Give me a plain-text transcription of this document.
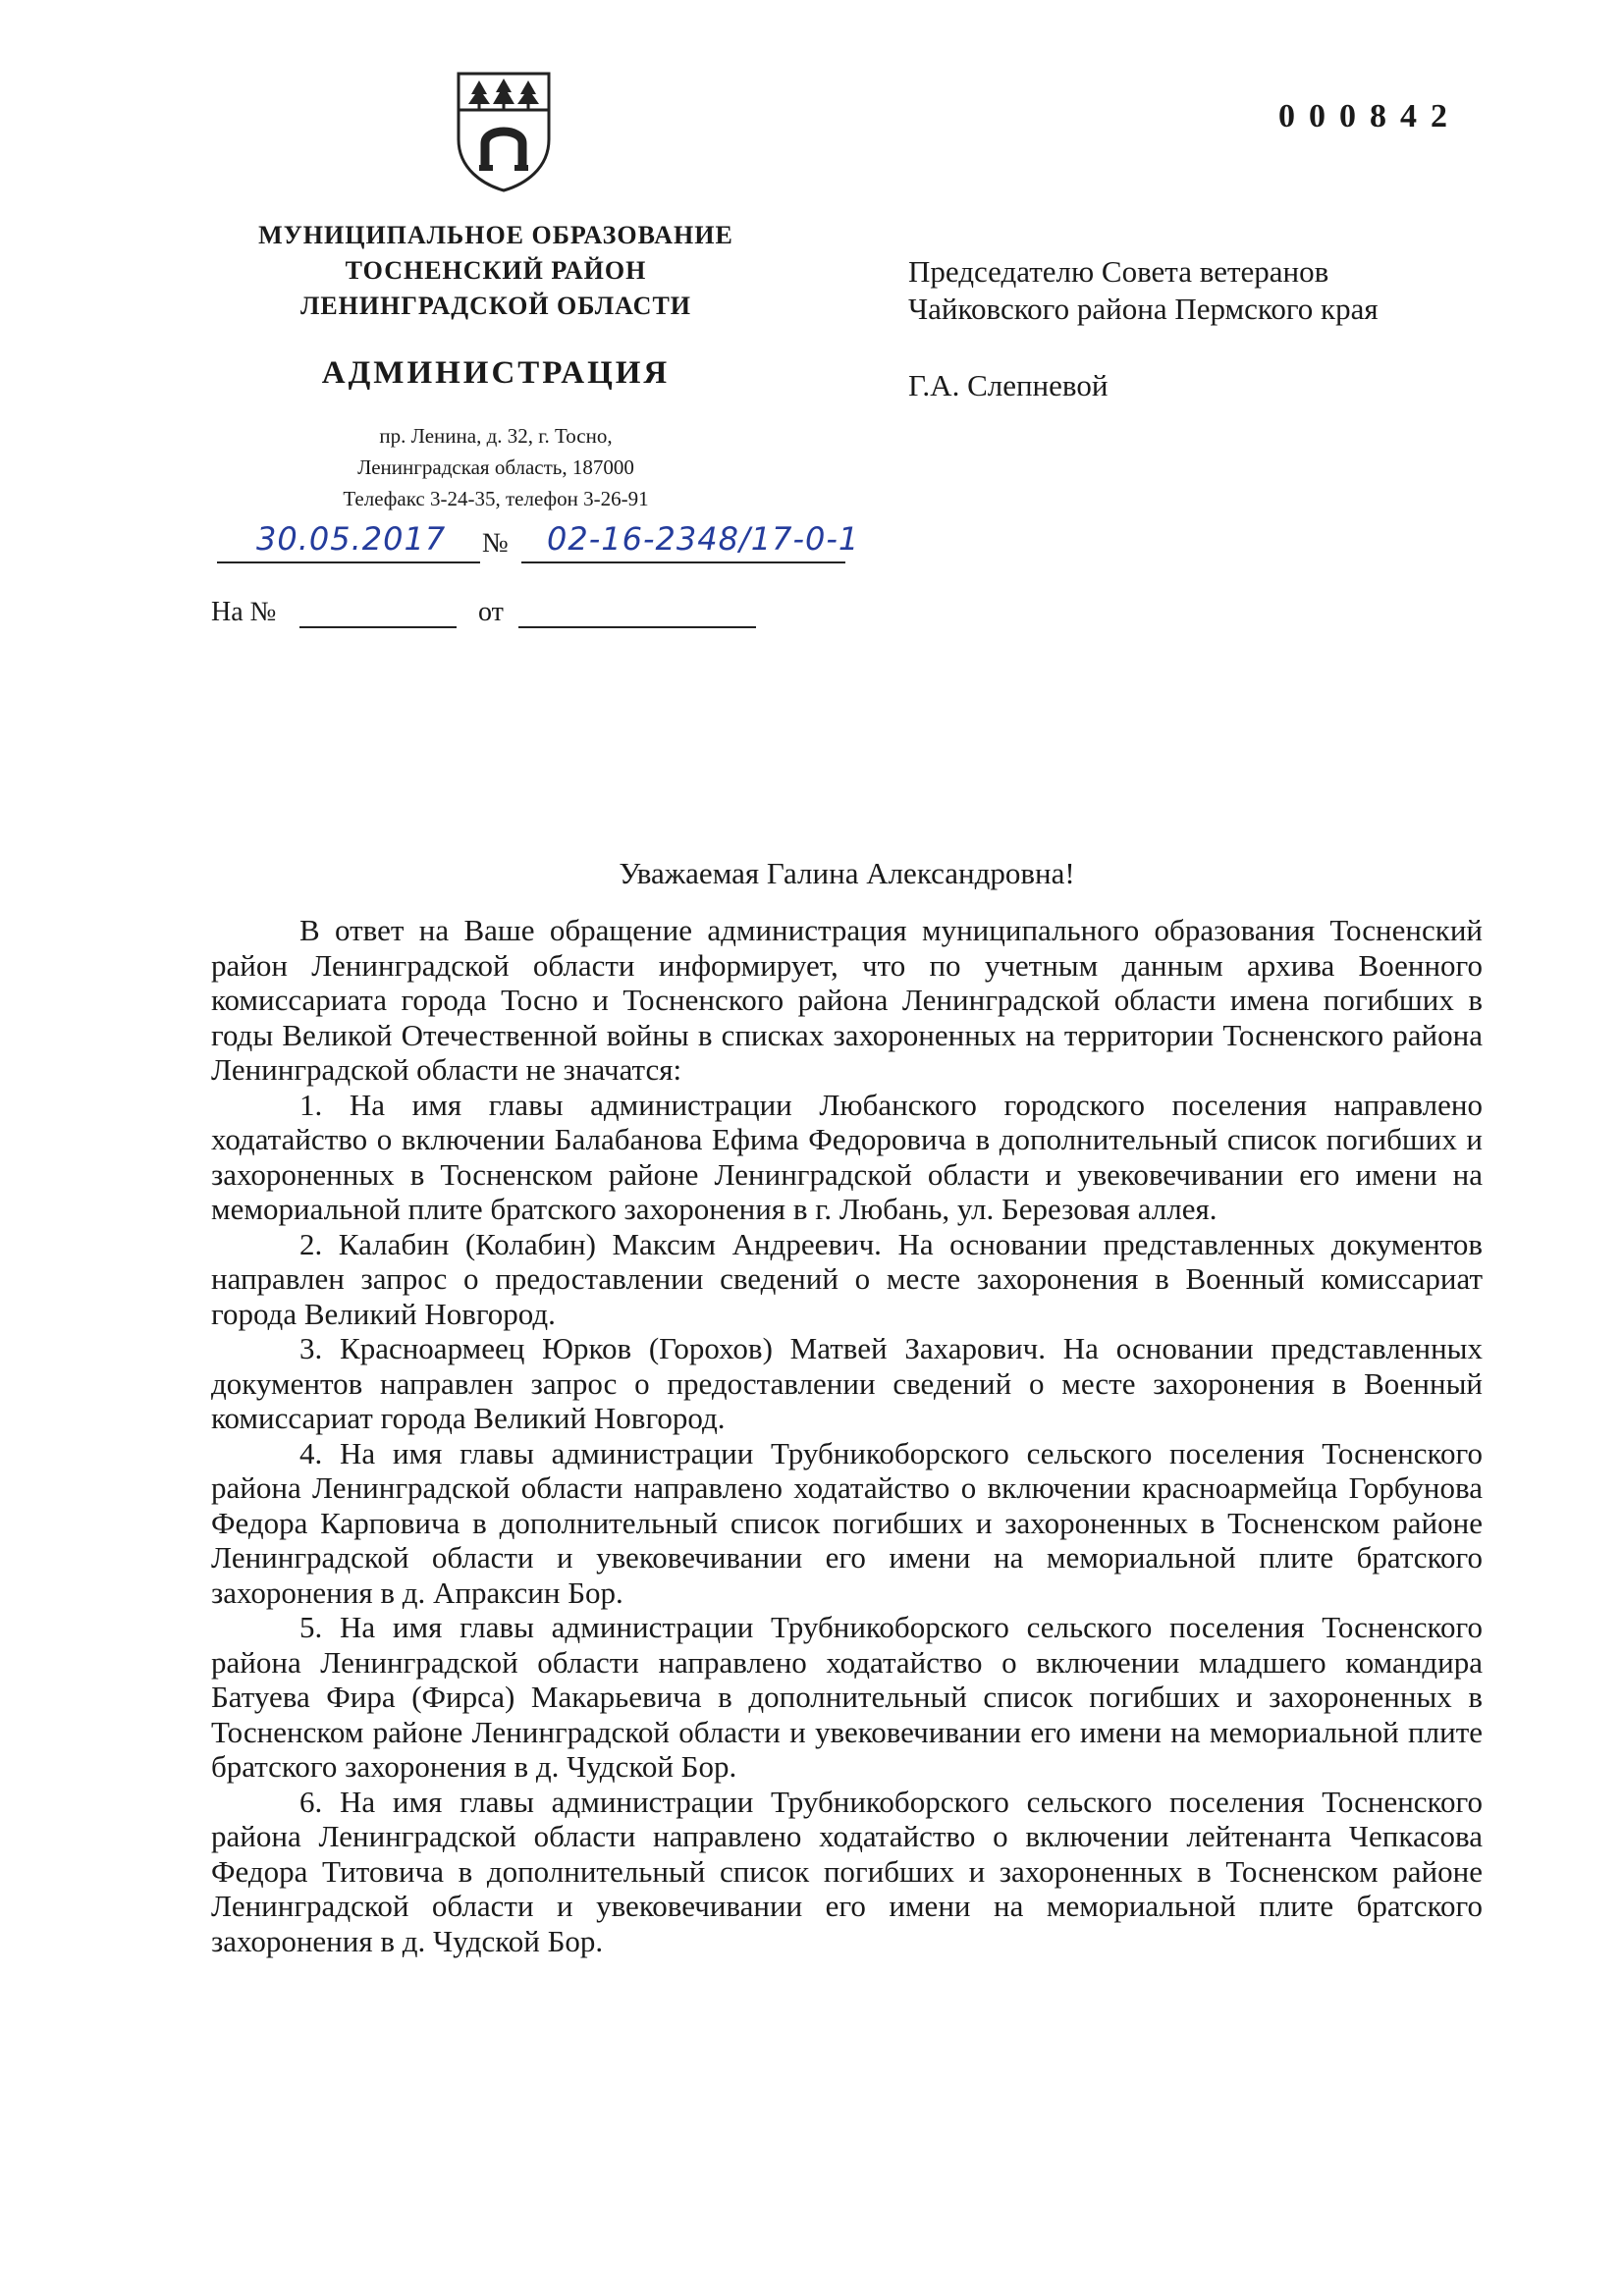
000842
МУНИЦИПАЛЬНОЕ ОБРАЗОВАНИЕ
ТОСНЕНСКИЙ РАЙОН
ЛЕНИНГРАДСКОЙ ОБЛАСТИ
АДМИНИСТРАЦИЯ
пр. Ленина, д. 32, г. Тосно,
Ленинградская область, 187000
Телефакс 3-24-35, телефон 3-26-91
30.05.2017 № 02-16-2348/17-0-1
На №	от
Председателю Совета ветеранов
Чайковского района Пермского края
Г.А. Слепневой
Уважаемая Галина Александровна!

В ответ на Ваше обращение администрация муниципального образования Тосненский район Ленинградской области информирует, что по учетным данным архива Военного комиссариата города Тосно и Тосненского района Ленинградской области имена погибших в годы Великой Отечественной войны в списках захороненных на территории Тосненского района Ленинградской области не значатся:

1. На имя главы администрации Любанского городского поселения направлено ходатайство о включении Балабанова Ефима Федоровича в дополнительный список погибших и захороненных в Тосненском районе Ленинградской области и увековечивании его имени на мемориальной плите братского захоронения в г. Любань, ул. Березовая аллея.

2. Калабин (Колабин) Максим Андреевич. На основании представленных документов направлен запрос о предоставлении сведений о месте захоронения в Военный комиссариат города Великий Новгород.

3. Красноармеец Юрков (Горохов) Матвей Захарович. На основании представленных документов направлен запрос о предоставлении сведений о месте захоронения в Военный комиссариат города Великий Новгород.

4. На имя главы администрации Трубникоборского сельского поселения Тосненского района Ленинградской области направлено ходатайство о включении красноармейца Горбунова Федора Карповича в дополнительный список погибших и захороненных в Тосненском районе Ленинградской области и увековечивании его имени на мемориальной плите братского захоронения в д. Апраксин Бор.

5. На имя главы администрации Трубникоборского сельского поселения Тосненского района Ленинградской области направлено ходатайство о включении младшего командира Батуева Фира (Фирса) Макарьевича в дополнительный список погибших и захороненных в Тосненском районе Ленинградской области и увековечивании его имени на мемориальной плите братского захоронения в д. Чудской Бор.

6. На имя главы администрации Трубникоборского сельского поселения Тосненского района Ленинградской области направлено ходатайство о включении лейтенанта Чепкасова Федора Титовича в дополнительный список погибших и захороненных в Тосненском районе Ленинградской области и увековечивании его имени на мемориальной плите братского захоронения в д. Чудской Бор.
